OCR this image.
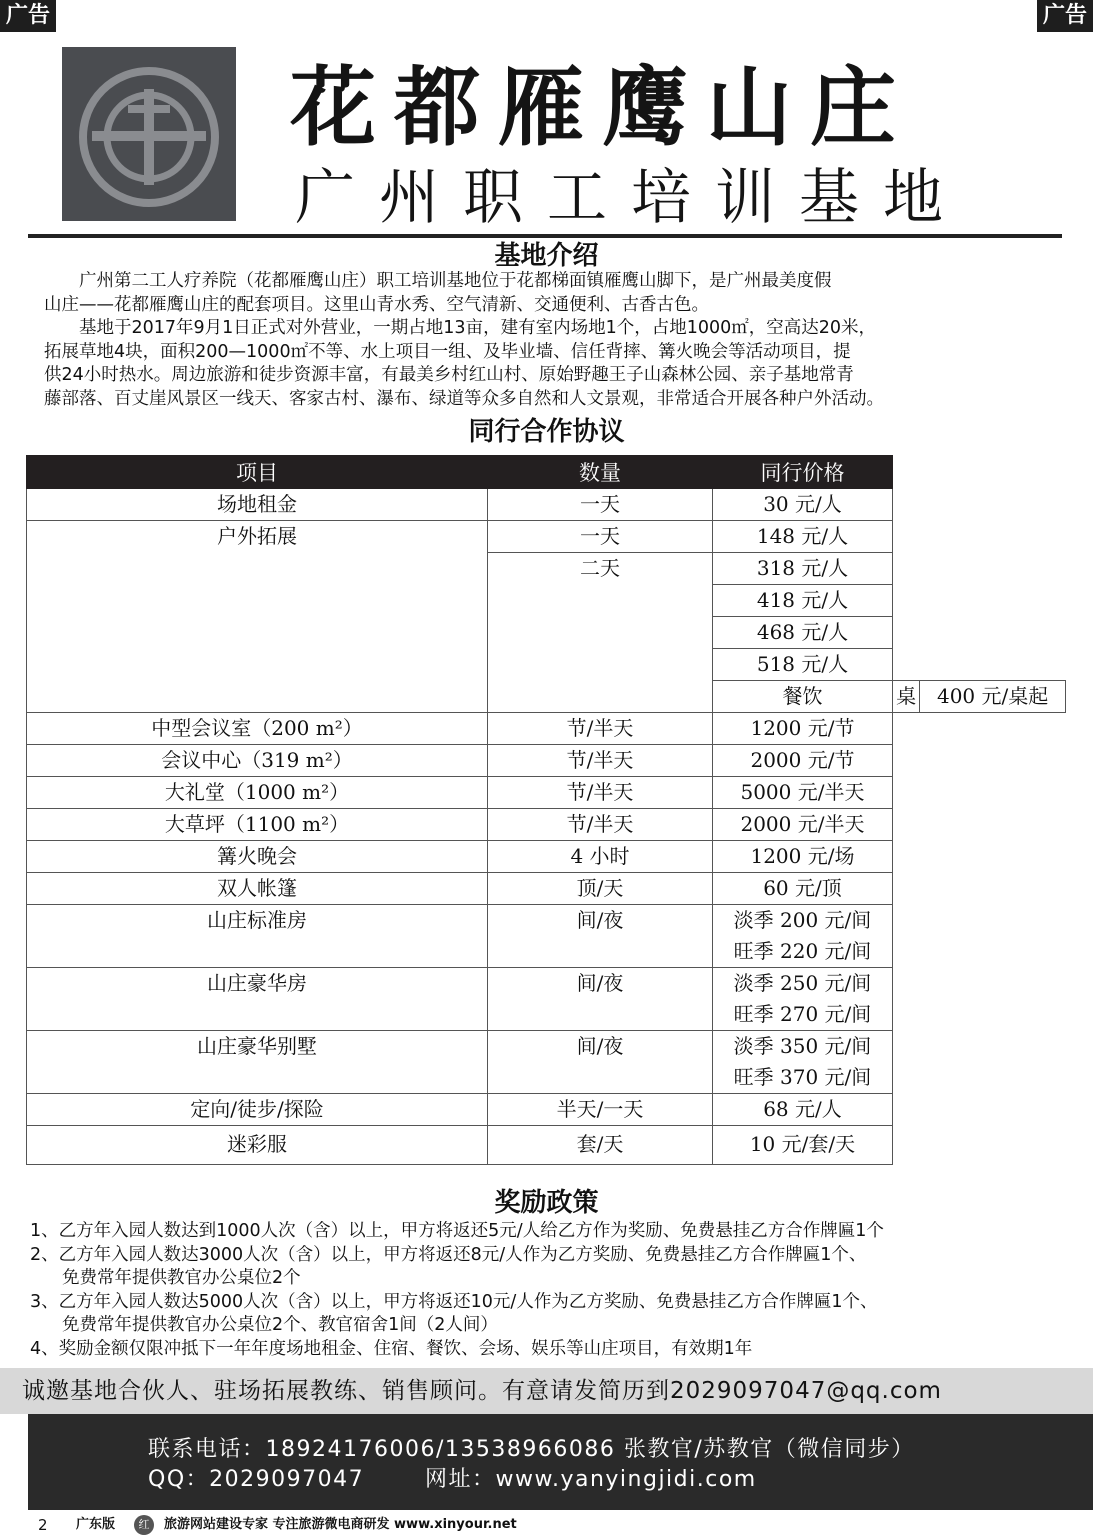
广告	广告
花都雁鹰山庄
广州职工培训基地
基地介绍

　　广州第二工人疗养院（花都雁鹰山庄）职工培训基地位于花都梯面镇雁鹰山脚下，是广州最美度假

山庄——花都雁鹰山庄的配套项目。这里山青水秀、空气清新、交通便利、古香古色。

　　基地于2017年9月1日正式对外营业，一期占地13亩，建有室内场地1个，占地1000㎡，空高达20米，

拓展草地4块，面积200—1000㎡不等、水上项目一组、及毕业墙、信任背摔、篝火晚会等活动项目，提

供24小时热水。周边旅游和徒步资源丰富，有最美乡村红山村、原始野趣王子山森林公园、亲子基地常青

藤部落、百丈崖风景区一线天、客家古村、瀑布、绿道等众多自然和人文景观，非常适合开展各种户外活动。

同行合作协议
项目	数量	同行价格		
场地租金	一天	30 元/人		
户外拓展	一天	148 元/人		
	二天	318 元/人		
		418 元/人		
		468 元/人		
		518 元/人		
		餐饮	桌	400 元/桌起
中型会议室（200 m²）	节/半天	1200 元/节		
会议中心（319 m²）	节/半天	2000 元/节		
大礼堂（1000 m²）	节/半天	5000 元/半天		
大草坪（1100 m²）	节/半天	2000 元/半天		
篝火晚会	4 小时	1200 元/场		
双人帐篷	顶/天	60 元/顶		
山庄标准房	间/夜	淡季 200 元/间
旺季 220 元/间		

山庄豪华房	间/夜	淡季 250 元/间
旺季 270 元/间		

山庄豪华别墅	间/夜	淡季 350 元/间
旺季 370 元/间		

定向/徒步/探险	半天/一天	68 元/人		
迷彩服	套/天	10 元/套/天		
奖励政策

1、乙方年入园人数达到1000人次（含）以上，甲方将返还5元/人给乙方作为奖励、免费悬挂乙方合作牌匾1个

2、乙方年入园人数达3000人次（含）以上，甲方将返还8元/人作为乙方奖励、免费悬挂乙方合作牌匾1个、

免费常年提供教官办公桌位2个

3、乙方年入园人数达5000人次（含）以上，甲方将返还10元/人作为乙方奖励、免费悬挂乙方合作牌匾1个、

免费常年提供教官办公桌位2个、教官宿舍1间（2人间）

4、奖励金额仅限冲抵下一年年度场地租金、住宿、餐饮、会场、娱乐等山庄项目，有效期1年

诚邀基地合伙人、驻场拓展教练、销售顾问。有意请发简历到2029097047@qq.com
联系电话：18924176006/13538966086 张教官/苏教官（微信同步）
QQ：2029097047	网址：www.yanyingjidi.com
2 广东版	红	旅游网站建设专家 专注旅游微电商研发 www.xinyour.net
